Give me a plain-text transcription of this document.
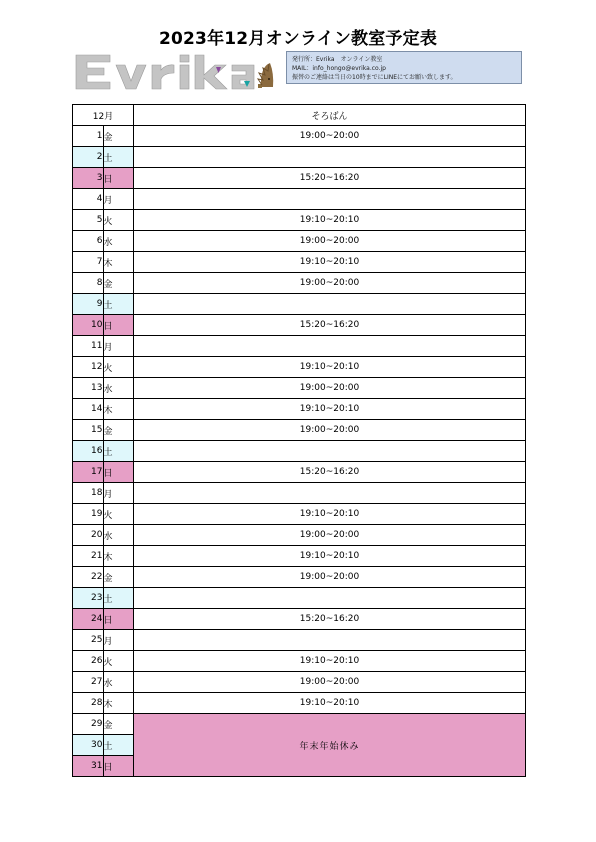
2023年12月オンライン教室予定表
発行所：Evrika　オンライン教室
MAIL：info_hongo@evrika.co.jp
振替のご連絡は当日の10時までにLINEにてお願い致します。
12月		そろばん
1	金	19:00~20:00
2	土	
3	日	15:20~16:20
4	月	
5	火	19:10~20:10
6	水	19:00~20:00
7	木	19:10~20:10
8	金	19:00~20:00
9	土	
10	日	15:20~16:20
11	月	
12	火	19:10~20:10
13	水	19:00~20:00
14	木	19:10~20:10
15	金	19:00~20:00
16	土	
17	日	15:20~16:20
18	月	
19	火	19:10~20:10
20	水	19:00~20:00
21	木	19:10~20:10
22	金	19:00~20:00
23	土	
24	日	15:20~16:20
25	月	
26	火	19:10~20:10
27	水	19:00~20:00
28	木	19:10~20:10
29	金	年末年始休み
30	土	
31	日	
